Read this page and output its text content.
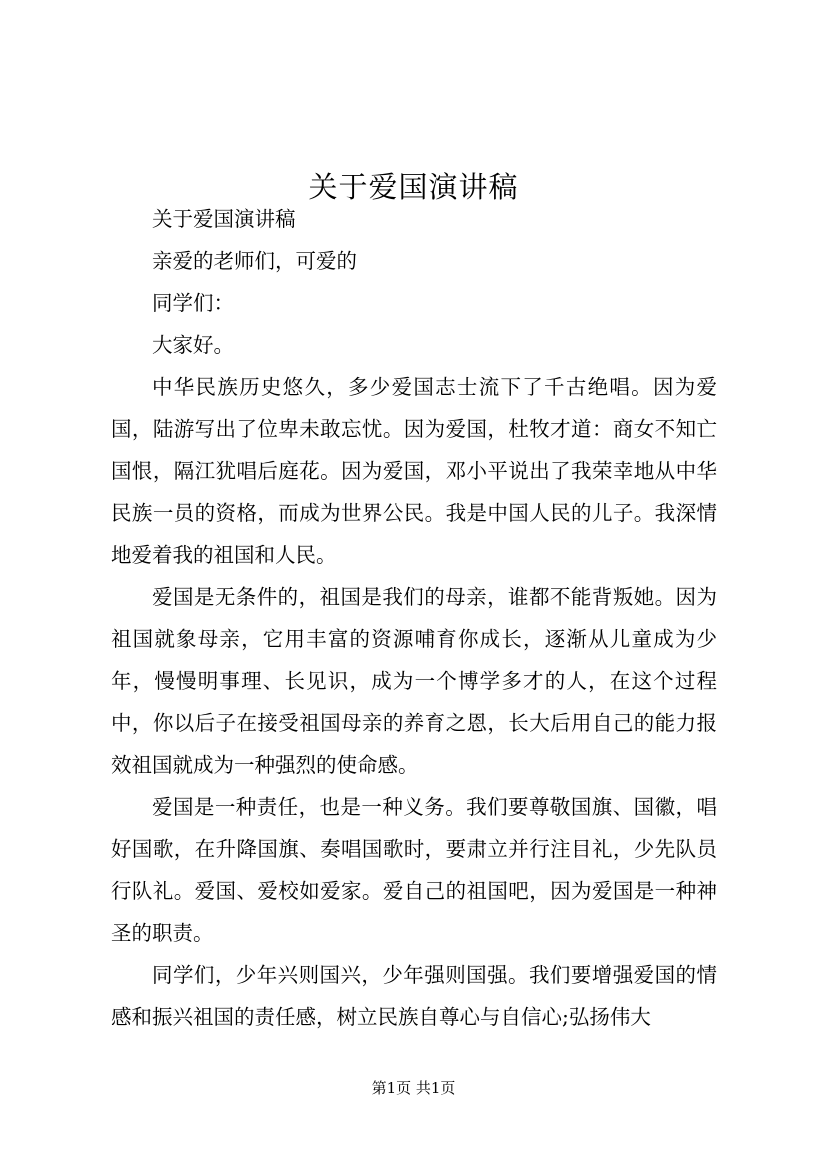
关于爱国演讲稿

关于爱国演讲稿

亲爱的老师们，可爱的

同学们：

大家好。

中华民族历史悠久，多少爱国志士流下了千古绝唱。因为爱国，陆游写出了位卑未敢忘忧。因为爱国，杜牧才道：商女不知亡国恨，隔江犹唱后庭花。因为爱国，邓小平说出了我荣幸地从中华民族一员的资格，而成为世界公民。我是中国人民的儿子。我深情地爱着我的祖国和人民。

爱国是无条件的，祖国是我们的母亲，谁都不能背叛她。因为祖国就象母亲，它用丰富的资源哺育你成长，逐渐从儿童成为少年，慢慢明事理、长见识，成为一个博学多才的人，在这个过程中，你以后子在接受祖国母亲的养育之恩，长大后用自己的能力报效祖国就成为一种强烈的使命感。

爱国是一种责任，也是一种义务。我们要尊敬国旗、国徽，唱好国歌，在升降国旗、奏唱国歌时，要肃立并行注目礼，少先队员行队礼。爱国、爱校如爱家。爱自己的祖国吧，因为爱国是一种神圣的职责。

同学们，少年兴则国兴，少年强则国强。我们要增强爱国的情感和振兴祖国的责任感，树立民族自尊心与自信心;弘扬伟大

第1页 共1页
